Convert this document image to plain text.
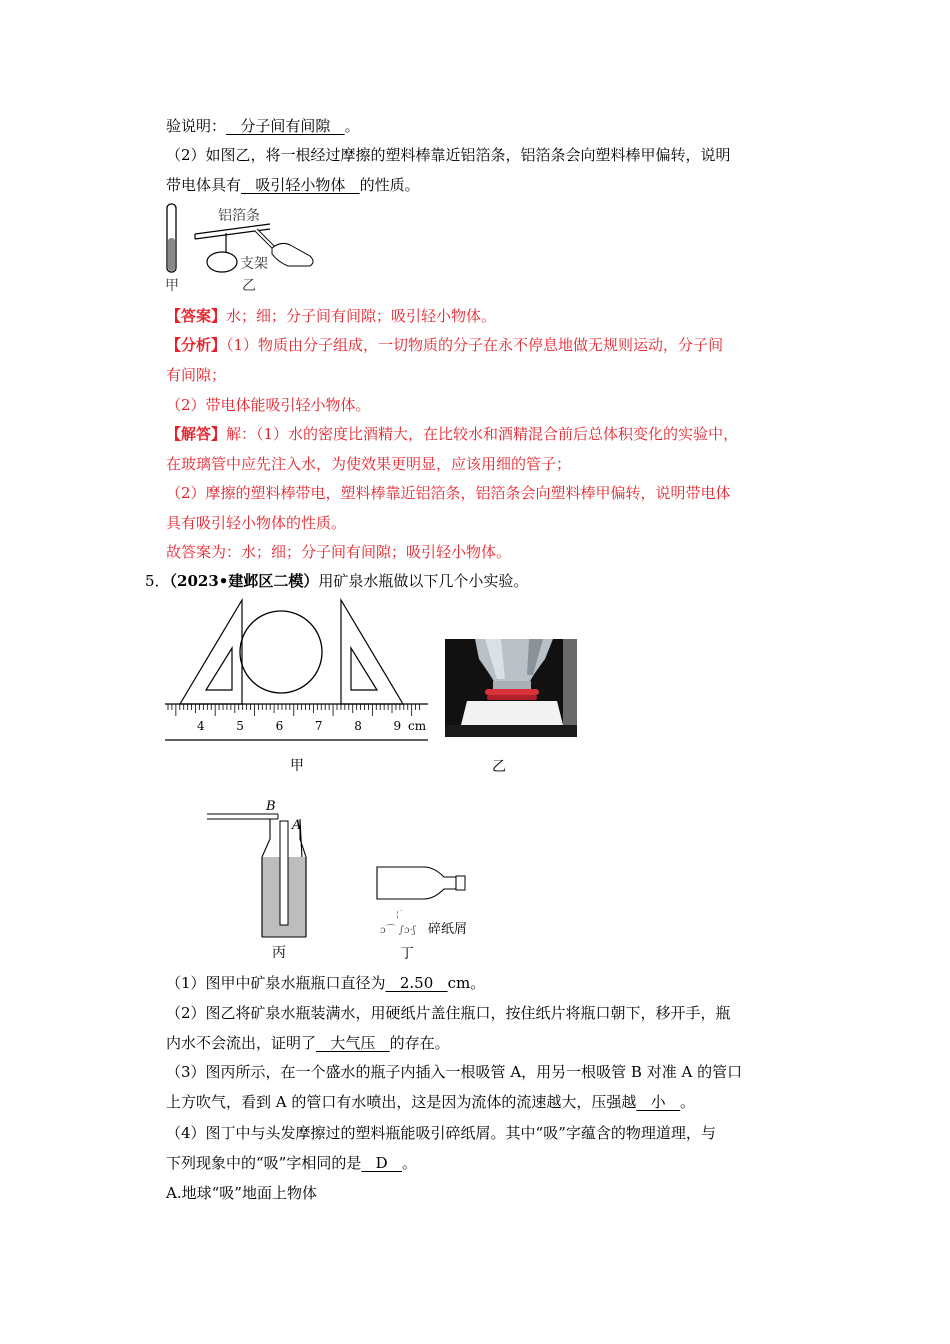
验说明：   分子间有间隙   。
（2）如图乙，将一根经过摩擦的塑料棒靠近铝箔条，铝箔条会向塑料棒甲偏转，说明
带电体具有   吸引轻小物体   的性质。
铝箔条
支架
甲	乙
【答案】水；细；分子间有间隙；吸引轻小物体。
【分析】（1）物质由分子组成，一切物质的分子在永不停息地做无规则运动，分子间
有间隙；
（2）带电体能吸引轻小物体。
【解答】解：（1）水的密度比酒精大，在比较水和酒精混合前后总体积变化的实验中，
在玻璃管中应先注入水，为使效果更明显，应该用细的管子；
（2）摩擦的塑料棒带电，塑料棒靠近铝箔条，铝箔条会向塑料棒甲偏转，说明带电体
具有吸引轻小物体的性质。
故答案为：水；细；分子间有间隙；吸引轻小物体。
5．（2023•建邺区二模）用矿泉水瓶做以下几个小实验。
4	5	6	7	8	9 cm
甲	乙
B
A
丙
¦ ·
ɔ⌒ ∫ɔ·ʃ 碎纸屑
丁
（1）图甲中矿泉水瓶瓶口直径为   2.50   cm。
（2）图乙将矿泉水瓶装满水，用硬纸片盖住瓶口，按住纸片将瓶口朝下，移开手，瓶
内水不会流出，证明了   大气压   的存在。
（3）图丙所示，在一个盛水的瓶子内插入一根吸管 A，用另一根吸管 B 对准 A 的管口
上方吹气，看到 A 的管口有水喷出，这是因为流体的流速越大，压强越   小   。
（4）图丁中与头发摩擦过的塑料瓶能吸引碎纸屑。其中“吸”字蕴含的物理道理，与
下列现象中的“吸”字相同的是   D   。
A.地球“吸”地面上物体
